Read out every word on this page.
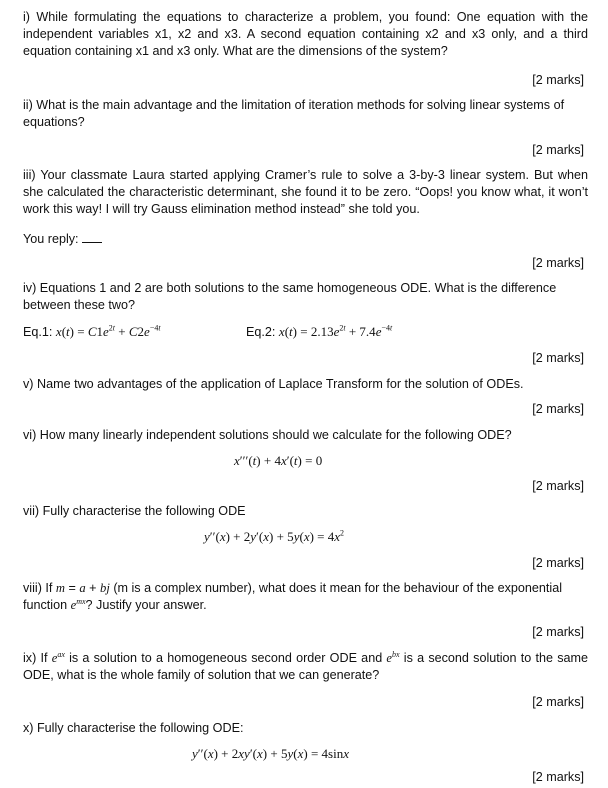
i) While formulating the equations to characterize a problem, you found: One equation with the independent variables x1, x2 and x3. A second equation containing x2 and x3 only, and a third equation containing x1 and x3 only. What are the dimensions of the system?
[2 marks]
ii) What is the main advantage and the limitation of iteration methods for solving linear systems of equations?
[2 marks]
iii) Your classmate Laura started applying Cramer’s rule to solve a 3-by-3 linear system. But when she calculated the characteristic determinant, she found it to be zero. “Oops! you know what, it won’t work this way! I will try Gauss elimination method instead” she told you.
You reply:
[2 marks]
iv) Equations 1 and 2 are both solutions to the same homogeneous ODE. What is the difference between these two?
Eq.1: $x(t) = C1e^{2t} + C2e^{-4t}$	Eq.2: $x(t) = 2.13e^{2t} + 7.4e^{-4t}$
[2 marks]
v) Name two advantages of the application of Laplace Transform for the solution of ODEs.
[2 marks]
vi) How many linearly independent solutions should we calculate for the following ODE?
x′′′(t) + 4x′(t) = 0
[2 marks]
vii) Fully characterise the following ODE
$y''(x) + 2y'(x) + 5y(x) = 4x^2$
[2 marks]
viii) If m = a + bj (m is a complex number), what does it mean for the behaviour of the exponential function $e^{mx}$? Justify your answer.
[2 marks]
ix) If $e^{ax}$ is a solution to a homogeneous second order ODE and $e^{bx}$ is a second solution to the same ODE, what is the whole family of solution that we can generate?
[2 marks]
x) Fully characterise the following ODE:
y′′(x) + 2xy′(x) + 5y(x) = 4sinx
[2 marks]
